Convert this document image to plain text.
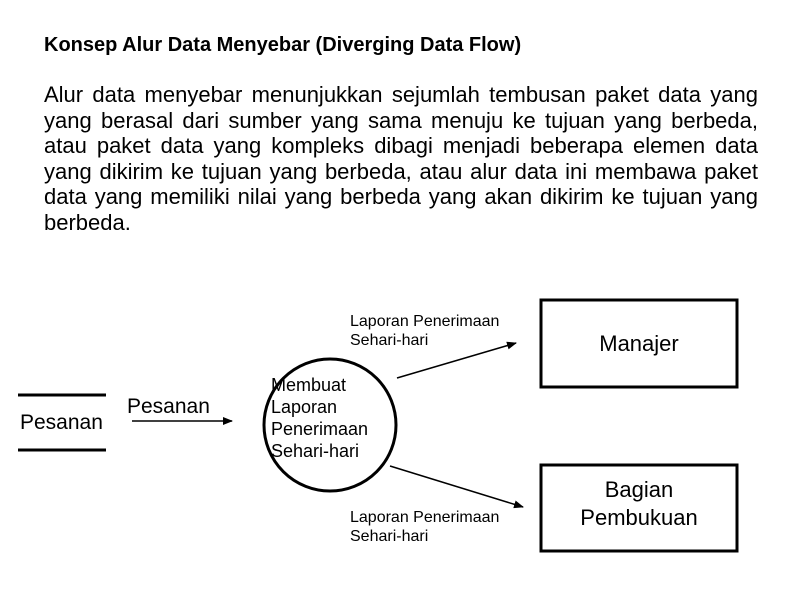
Konsep Alur Data Menyebar (Diverging Data Flow)
Alur data menyebar menunjukkan sejumlah tembusan paket data yang yang berasal dari sumber yang sama menuju ke tujuan yang berbeda, atau paket data yang kompleks dibagi menjadi beberapa elemen data yang dikirim ke tujuan yang berbeda, atau alur data ini membawa paket data yang memiliki nilai yang berbeda yang akan dikirim ke tujuan yang berbeda.
Pesanan
Pesanan
Membuat
Laporan
Penerimaan
Sehari-hari
Laporan Penerimaan
Sehari-hari
Laporan Penerimaan
Sehari-hari
Manajer
Bagian
Pembukuan
